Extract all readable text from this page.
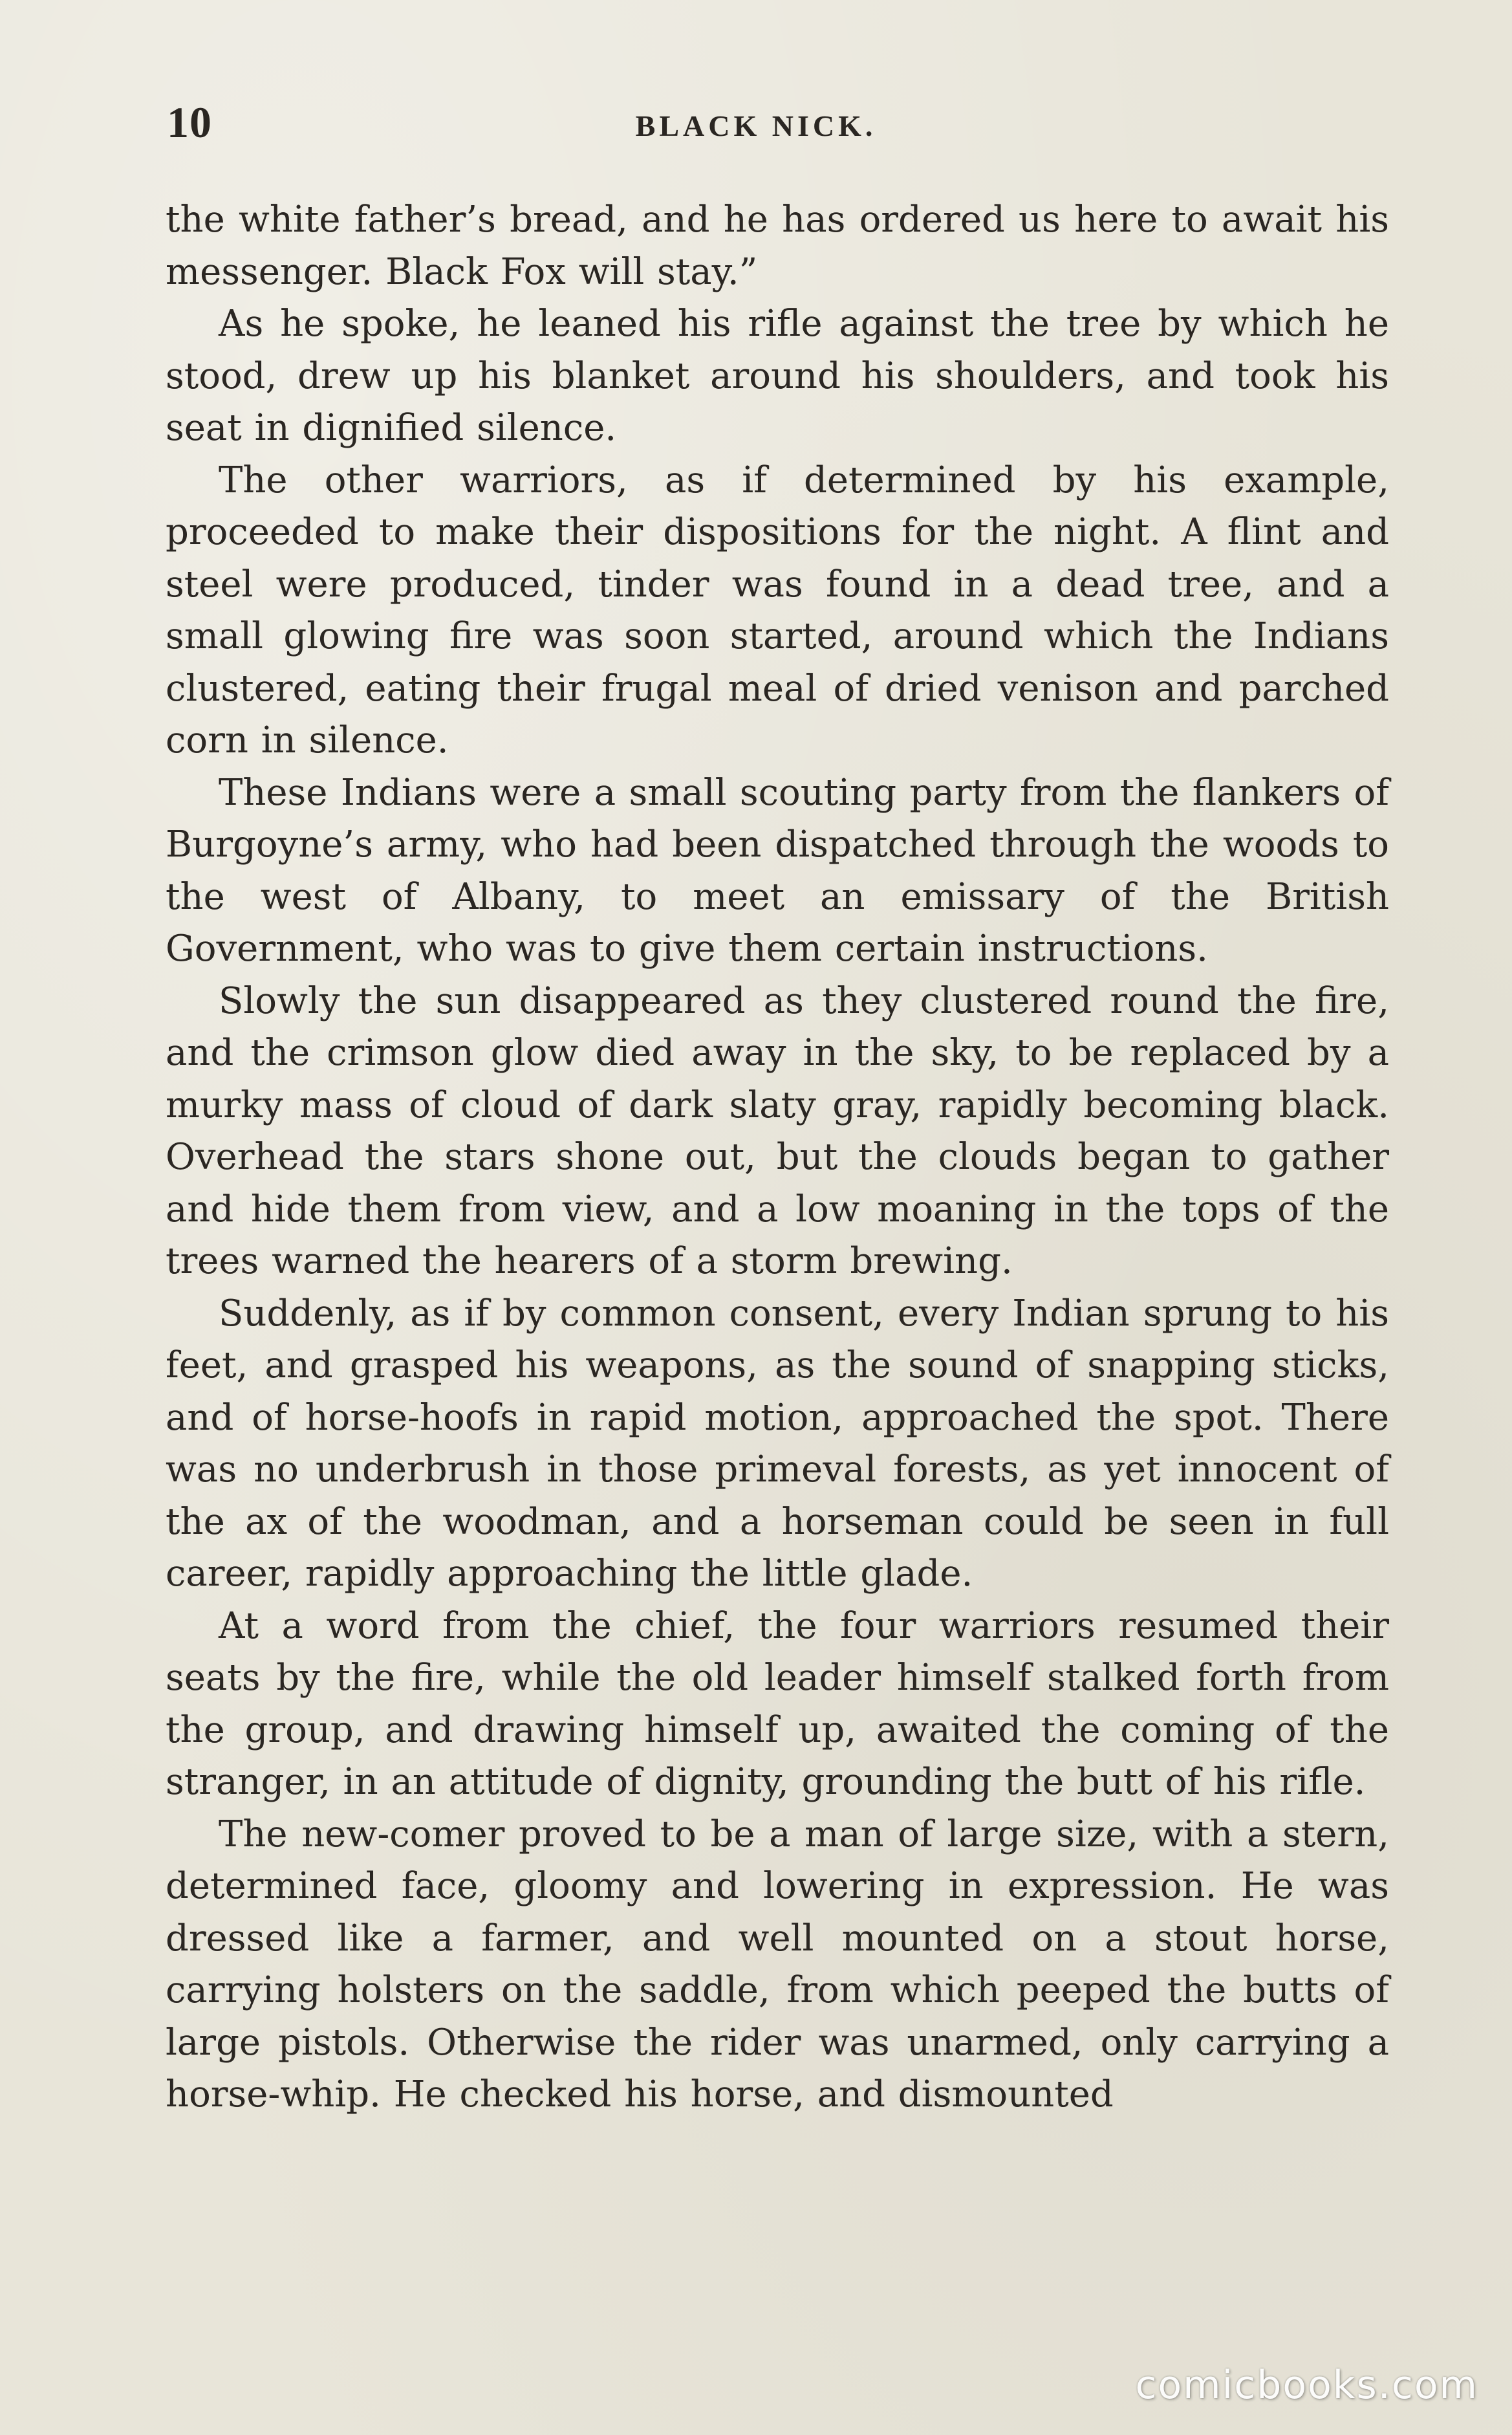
10	BLACK NICK.

the white father’s bread, and he has ordered us here to await his messenger. Black Fox will stay.”

As he spoke, he leaned his rifle against the tree by which he stood, drew up his blanket around his shoulders, and took his seat in dignified silence.

The other warriors, as if determined by his example, proceeded to make their dispositions for the night. A flint and steel were produced, tinder was found in a dead tree, and a small glowing fire was soon started, around which the Indians clustered, eating their frugal meal of dried venison and parched corn in silence.

These Indians were a small scouting party from the flankers of Burgoyne’s army, who had been dispatched through the woods to the west of Albany, to meet an emissary of the British Government, who was to give them certain instructions.

Slowly the sun disappeared as they clustered round the fire, and the crimson glow died away in the sky, to be replaced by a murky mass of cloud of dark slaty gray, rapidly becoming black. Overhead the stars shone out, but the clouds began to gather and hide them from view, and a low moaning in the tops of the trees warned the hearers of a storm brewing.

Suddenly, as if by common consent, every Indian sprung to his feet, and grasped his weapons, as the sound of snapping sticks, and of horse-hoofs in rapid motion, approached the spot. There was no underbrush in those primeval forests, as yet innocent of the ax of the woodman, and a horseman could be seen in full career, rapidly approaching the little glade.

At a word from the chief, the four warriors resumed their seats by the fire, while the old leader himself stalked forth from the group, and drawing himself up, awaited the coming of the stranger, in an attitude of dignity, grounding the butt of his rifle.

The new-comer proved to be a man of large size, with a stern, determined face, gloomy and lowering in expression. He was dressed like a farmer, and well mounted on a stout horse, carrying holsters on the saddle, from which peeped the butts of large pistols. Otherwise the rider was unarmed, only carrying a horse-whip. He checked his horse, and dismounted

comicbooks.com
